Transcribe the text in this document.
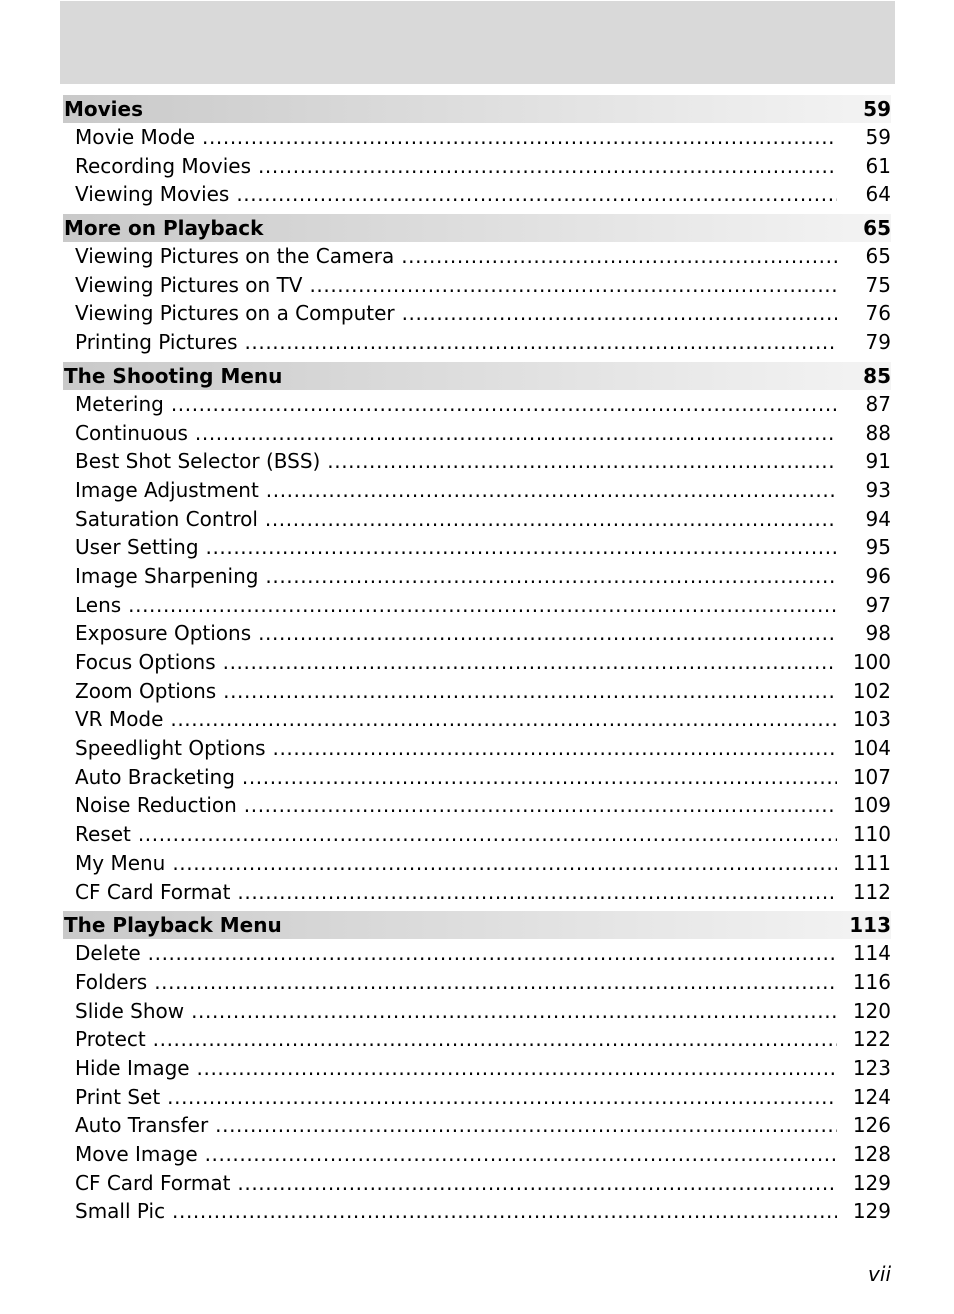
Movies	59
Movie Mode .....	59
Recording Movies .....	61
Viewing Movies .....	64
More on Playback	65
Viewing Pictures on the Camera .....	65
Viewing Pictures on TV .....	75
Viewing Pictures on a Computer .....	76
Printing Pictures .....	79
The Shooting Menu	85
Metering .....	87
Continuous .....	88
Best Shot Selector (BSS) .....	91
Image Adjustment .....	93
Saturation Control .....	94
User Setting .....	95
Image Sharpening .....	96
Lens .....	97
Exposure Options .....	98
Focus Options .....	100
Zoom Options .....	102
VR Mode .....	103
Speedlight Options .....	104
Auto Bracketing .....	107
Noise Reduction .....	109
Reset .....	110
My Menu .....	111
CF Card Format .....	112
The Playback Menu	113
Delete .....	114
Folders .....	116
Slide Show .....	120
Protect .....	122
Hide Image .....	123
Print Set .....	124
Auto Transfer .....	126
Move Image .....	128
CF Card Format .....	129
Small Pic .....	129
vii
